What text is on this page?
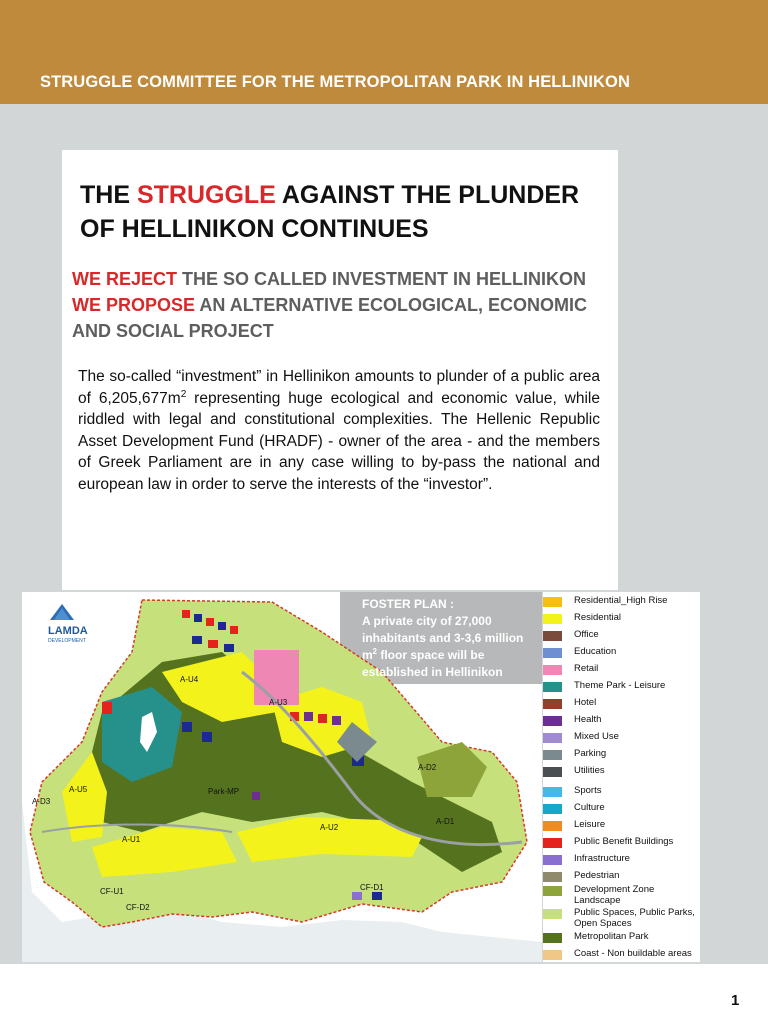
STRUGGLE COMMITTEE FOR THE METROPOLITAN PARK IN HELLINIKON
THE STRUGGLE AGAINST THE PLUNDER OF HELLINIKON CONTINUES
WE REJECT THE SO CALLED INVESTMENT IN HELLINIKON
WE PROPOSE AN ALTERNATIVE ECOLOGICAL, ECONOMIC AND SOCIAL PROJECT
The so-called “investment” in Hellinikon amounts to plunder of a public area of $6,205,677m^2$ representing huge ecological and economic value, while riddled with legal and constitutional complexities. The Hellenic Republic Asset Development Fund (HRADF) - owner of the area - and the members of Greek Parliament are in any case willing to by-pass the national and european law in order to serve the interests of the “investor”.
LAMDA
DEVELOPMENT
A-U4
A-U3
A-U5
A-D3
Park-MP
A-U1
A-U2
A-D2
A-D1
CF-U1
CF-D2
CF-D1
FOSTER PLAN :
A private city of 27,000 inhabitants and 3-3,6 million $m^2$ floor space will be established in Hellinikon
Residential_High Rise
Residential
Office
Education
Retail
Theme Park - Leisure
Hotel
Health
Mixed Use
Parking
Utilities
Sports
Culture
Leisure
Public Benefit Buildings
Infrastructure
Pedestrian
Development Zone Landscape
Public Spaces, Public Parks, Open Spaces
Metropolitan Park
Coast - Non buildable areas
1
